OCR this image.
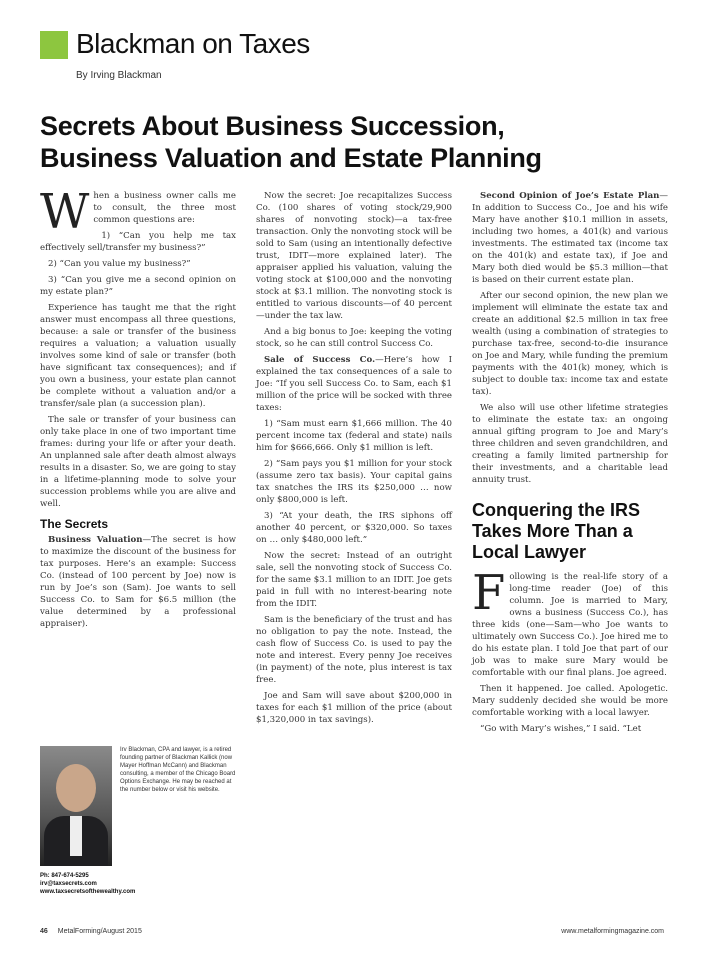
Blackman on Taxes
By Irving Blackman
Secrets About Business Succession,
Business Valuation and Estate Planning

When a business owner calls me to consult, the three most common questions are:

1) “Can you help me tax effectively sell/transfer my business?”

2) “Can you value my business?”

3) “Can you give me a second opinion on my estate plan?”

Experience has taught me that the right answer must encompass all three questions, because: a sale or transfer of the business requires a valuation; a valuation usually involves some kind of sale or transfer (both have significant tax consequences); and if you own a business, your estate plan cannot be complete without a valuation and/or a transfer/sale plan (a succession plan).

The sale or transfer of your business can only take place in one of two important time frames: during your life or after your death. An unplanned sale after death almost always results in a disaster. So, we are going to stay in a lifetime-planning mode to solve your succession problems while you are alive and well.

The Secrets

Business Valuation—The secret is how to maximize the discount of the business for tax purposes. Here’s an example: Success Co. (instead of 100 percent by Joe) now is run by Joe’s son (Sam). Joe wants to sell Success Co. to Sam for $6.5 million (the value determined by a professional appraiser).

Irv Blackman, CPA and lawyer, is a retired founding partner of Blackman Kallick (now Mayer Hoffman McCann) and Blackman consulting, a member of the Chicago Board Options Exchange. He may be reached at the number below or visit his website.
Ph: 847-674-5295
irv@taxsecrets.com
www.taxsecretsofthewealthy.com

Now the secret: Joe recapitalizes Success Co. (100 shares of voting stock/29,900 shares of nonvoting stock)—a tax-free transaction. Only the nonvoting stock will be sold to Sam (using an intentionally defective trust, IDIT—more explained later). The appraiser applied his valuation, valuing the voting stock at $100,000 and the nonvoting stock at $3.1 million. The nonvoting stock is entitled to various discounts—of 40 percent—under the tax law.

And a big bonus to Joe: keeping the voting stock, so he can still control Success Co.

Sale of Success Co.—Here’s how I explained the tax consequences of a sale to Joe: “If you sell Success Co. to Sam, each $1 million of the price will be socked with three taxes:

1) “Sam must earn $1,666 million. The 40 percent income tax (federal and state) nails him for $666,666. Only $1 million is left.

2) “Sam pays you $1 million for your stock (assume zero tax basis). Your capital gains tax snatches the IRS its $250,000 … now only $800,000 is left.

3) “At your death, the IRS siphons off another 40 percent, or $320,000. So taxes on … only $480,000 left.”

Now the secret: Instead of an outright sale, sell the nonvoting stock of Success Co. for the same $3.1 million to an IDIT. Joe gets paid in full with no interest-bearing note from the IDIT.

Sam is the beneficiary of the trust and has no obligation to pay the note. Instead, the cash flow of Success Co. is used to pay the note and interest. Every penny Joe receives (in payment) of the note, plus interest is tax free.

Joe and Sam will save about $200,000 in taxes for each $1 million of the price (about $1,320,000 in tax savings).

Second Opinion of Joe’s Estate Plan—In addition to Success Co., Joe and his wife Mary have another $10.1 million in assets, including two homes, a 401(k) and various investments. The estimated tax (income tax on the 401(k) and estate tax), if Joe and Mary both died would be $5.3 million—that is based on their current estate plan.

After our second opinion, the new plan we implement will eliminate the estate tax and create an additional $2.5 million in tax free wealth (using a combination of strategies to purchase tax-free, second-to-die insurance on Joe and Mary, while funding the premium payments with the 401(k) money, which is subject to double tax: income tax and estate tax).

We also will use other lifetime strategies to eliminate the estate tax: an ongoing annual gifting program to Joe and Mary’s three children and seven grandchildren, and creating a family limited partnership for their investments, and a charitable lead annuity trust.

Conquering the IRS Takes More Than a Local Lawyer

Following is the real-life story of a long-time reader (Joe) of this column. Joe is married to Mary, owns a business (Success Co.), has three kids (one—Sam—who Joe wants to ultimately own Success Co.). Joe hired me to do his estate plan. I told Joe that part of our job was to make sure Mary would be comfortable with our final plans. Joe agreed.

Then it happened. Joe called. Apologetic. Mary suddenly decided she would be more comfortable working with a local lawyer.

“Go with Mary’s wishes,” I said. “Let

46 MetalForming/August 2015	www.metalformingmagazine.com
